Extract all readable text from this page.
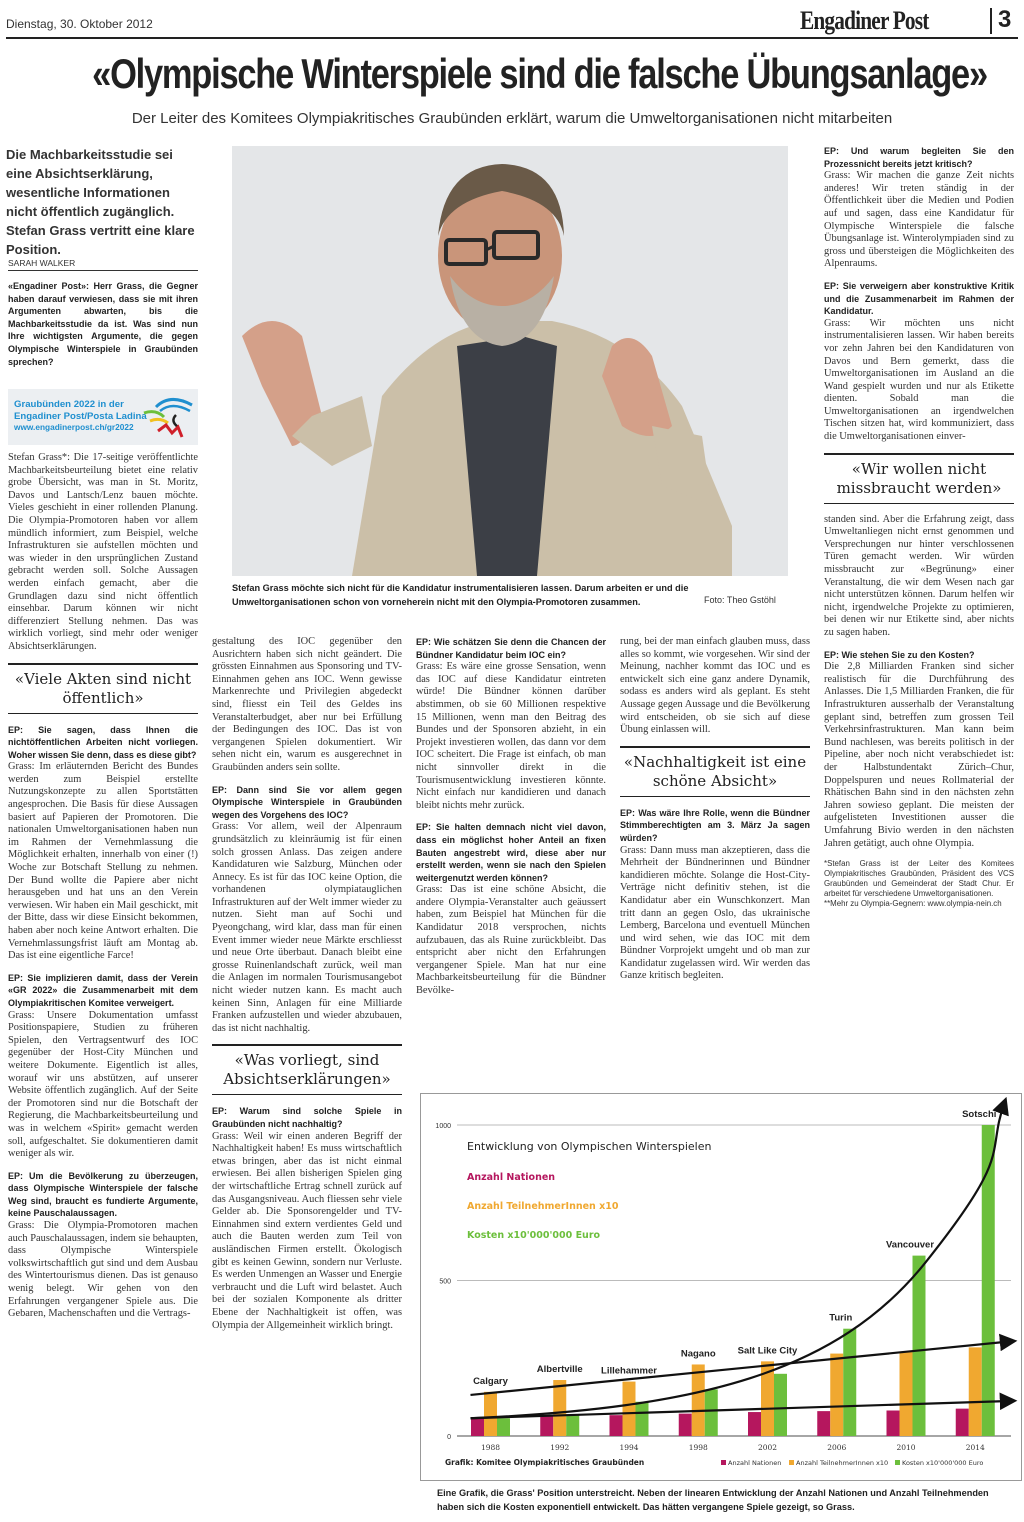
Dienstag, 30. Oktober 2012	Engadiner Post	3
«Olympische Winterspiele sind die falsche Übungsanlage»
Der Leiter des Komitees Olympiakritisches Graubünden erklärt, warum die Umweltorganisationen nicht mitarbeiten
Die Machbarkeitsstudie sei eine Absichtserklärung, wesentliche Informationen nicht öffentlich zugänglich. Stefan Grass vertritt eine klare Position.
SARAH WALKER
«Engadiner Post»: Herr Grass, die Gegner haben darauf verwiesen, dass sie mit ihren Argumenten abwarten, bis die Machbarkeitsstudie da ist. Was sind nun Ihre wichtigsten Argumente, die gegen Olympische Winterspiele in Graubünden sprechen?
Graubünden 2022 in der
Engadiner Post/Posta Ladina
www.engadinerpost.ch/gr2022
Stefan Grass*: Die 17-seitige veröffentlichte Machbarkeitsbeurteilung bietet eine relativ grobe Übersicht, was man in St. Moritz, Davos und Lantsch/Lenz bauen möchte. Vieles geschieht in einer rollenden Planung. Die Olympia-Promotoren haben vor allem mündlich informiert, zum Beispiel, welche Infrastrukturen sie aufstellen möchten und was wieder in den ursprünglichen Zustand gebracht werden soll. Solche Aussagen werden einfach gemacht, aber die Grundlagen dazu sind nicht öffentlich einsehbar. Darum können wir nicht differenziert Stellung nehmen. Das was wirklich vorliegt, sind mehr oder weniger Absichtserklärungen.
«Viele Akten sind nicht öffentlich»
EP: Sie sagen, dass Ihnen die nichtöffentlichen Arbeiten nicht vorliegen. Woher wissen Sie denn, dass es diese gibt?
Grass: Im erläuternden Bericht des Bundes werden zum Beispiel erstellte Nutzungskonzepte zu allen Sportstätten angesprochen. Die Basis für diese Aussagen basiert auf Papieren der Promotoren. Die nationalen Umweltorganisationen haben nun im Rahmen der Vernehmlassung die Möglichkeit erhalten, innerhalb von einer (!) Woche zur Botschaft Stellung zu nehmen. Der Bund wollte die Papiere aber nicht herausgeben und hat uns an den Verein verwiesen. Wir haben ein Mail geschickt, mit der Bitte, dass wir diese Einsicht bekommen, haben aber noch keine Antwort erhalten. Die Vernehmlassungsfrist läuft am Montag ab. Das ist eine eigentliche Farce!
EP: Sie implizieren damit, dass der Verein «GR 2022» die Zusammenarbeit mit dem Olympiakritischen Komitee verweigert.
Grass: Unsere Dokumentation umfasst Positionspapiere, Studien zu früheren Spielen, den Vertragsentwurf des IOC gegenüber der Host-City München und weitere Dokumente. Eigentlich ist alles, worauf wir uns abstützen, auf unserer Website öffentlich zugänglich. Auf der Seite der Promotoren sind nur die Botschaft der Regierung, die Machbarkeitsbeurteilung und was in welchem «Spirit» gemacht werden soll, aufgeschaltet. Sie dokumentieren damit weniger als wir.
EP: Um die Bevölkerung zu überzeugen, dass Olympische Winterspiele der falsche Weg sind, braucht es fundierte Argumente, keine Pauschalaussagen.
Grass: Die Olympia-Promotoren machen auch Pauschalaussagen, indem sie behaupten, dass Olympische Winterspiele volkswirtschaftlich gut sind und dem Ausbau des Wintertourismus dienen. Das ist genauso wenig belegt. Wir gehen von den Erfahrungen vergangener Spiele aus. Die Gebaren, Machenschaften und die Vertrags-
Stefan Grass möchte sich nicht für die Kandidatur instrumentalisieren lassen. Darum arbeiten er und die Umweltorganisationen schon von vorneherein nicht mit den Olympia-Promotoren zusammen.	Foto: Theo Gstöhl
gestaltung des IOC gegenüber den Ausrichtern haben sich nicht geändert. Die grössten Einnahmen aus Sponsoring und TV-Einnahmen gehen ans IOC. Wenn gewisse Markenrechte und Privilegien abgedeckt sind, fliesst ein Teil des Geldes ins Veranstalterbudget, aber nur bei Erfüllung der Bedingungen des IOC. Das ist von vergangenen Spielen dokumentiert. Wir sehen nicht ein, warum es ausgerechnet in Graubünden anders sein sollte.
EP: Dann sind Sie vor allem gegen Olympische Winterspiele in Graubünden wegen des Vorgehens des IOC?
Grass: Vor allem, weil der Alpenraum grundsätzlich zu kleinräumig ist für einen solch grossen Anlass. Das zeigen andere Kandidaturen wie Salzburg, München oder Annecy. Es ist für das IOC keine Option, die vorhandenen olympiatauglichen Infrastrukturen auf der Welt immer wieder zu nutzen. Sieht man auf Sochi und Pyeongchang, wird klar, dass man für einen Event immer wieder neue Märkte erschliesst und neue Orte überbaut. Danach bleibt eine grosse Ruinenlandschaft zurück, weil man die Anlagen im normalen Tourismusangebot nicht wieder nutzen kann. Es macht auch keinen Sinn, Anlagen für eine Milliarde Franken aufzustellen und wieder abzubauen, das ist nicht nachhaltig.
«Was vorliegt, sind Absichtserklärungen»
EP: Warum sind solche Spiele in Graubünden nicht nachhaltig?
Grass: Weil wir einen anderen Begriff der Nachhaltigkeit haben! Es muss wirtschaftlich etwas bringen, aber das ist nicht einmal erwiesen. Bei allen bisherigen Spielen ging der wirtschaftliche Ertrag schnell zurück auf das Ausgangsniveau. Auch fliessen sehr viele Gelder ab. Die Sponsorengelder und TV-Einnahmen sind extern verdientes Geld und auch die Bauten werden zum Teil von ausländischen Firmen erstellt. Ökologisch gibt es keinen Gewinn, sondern nur Verluste. Es werden Unmengen an Wasser und Energie verbraucht und die Luft wird belastet. Auch bei der sozialen Komponente als dritter Ebene der Nachhaltigkeit ist offen, was Olympia der Allgemeinheit wirklich bringt.
EP: Wie schätzen Sie denn die Chancen der Bündner Kandidatur beim IOC ein?
Grass: Es wäre eine grosse Sensation, wenn das IOC auf diese Kandidatur eintreten würde! Die Bündner können darüber abstimmen, ob sie 60 Millionen respektive 15 Millionen, wenn man den Beitrag des Bundes und der Sponsoren abzieht, in ein Projekt investieren wollen, das dann vor dem IOC scheitert. Die Frage ist einfach, ob man nicht sinnvoller direkt in die Tourismusentwicklung investieren könnte. Nicht einfach nur kandidieren und danach bleibt nichts mehr zurück.
EP: Sie halten demnach nicht viel davon, dass ein möglichst hoher Anteil an fixen Bauten angestrebt wird, diese aber nur erstellt werden, wenn sie nach den Spielen weitergenutzt werden können?
Grass: Das ist eine schöne Absicht, die andere Olympia-Veranstalter auch geäussert haben, zum Beispiel hat München für die Kandidatur 2018 versprochen, nichts aufzubauen, das als Ruine zurückbleibt. Das entspricht aber nicht den Erfahrungen vergangener Spiele. Man hat nur eine Machbarkeitsbeurteilung für die Bündner Bevölke-
rung, bei der man einfach glauben muss, dass alles so kommt, wie vorgesehen. Wir sind der Meinung, nachher kommt das IOC und es entwickelt sich eine ganz andere Dynamik, sodass es anders wird als geplant. Es steht Aussage gegen Aussage und die Bevölkerung wird entscheiden, ob sie sich auf diese Übung einlassen will.
«Nachhaltigkeit ist eine schöne Absicht»
EP: Was wäre Ihre Rolle, wenn die Bündner Stimmberechtigten am 3. März Ja sagen würden?
Grass: Dann muss man akzeptieren, dass die Mehrheit der Bündnerinnen und Bündner kandidieren möchte. Solange die Host-City-Verträge nicht definitiv stehen, ist die Kandidatur aber ein Wunschkonzert. Man tritt dann an gegen Oslo, das ukrainische Lemberg, Barcelona und eventuell München und wird sehen, wie das IOC mit dem Bündner Vorprojekt umgeht und ob man zur Kandidatur zugelassen wird. Wir werden das Ganze kritisch begleiten.
EP: Und warum begleiten Sie den Prozessnicht bereits jetzt kritisch?
Grass: Wir machen die ganze Zeit nichts anderes! Wir treten ständig in der Öffentlichkeit über die Medien und Podien auf und sagen, dass eine Kandidatur für Olympische Winterspiele die falsche Übungsanlage ist. Winterolympiaden sind zu gross und übersteigen die Möglichkeiten des Alpenraums.
EP: Sie verweigern aber konstruktive Kritik und die Zusammenarbeit im Rahmen der Kandidatur.
Grass: Wir möchten uns nicht instrumentalisieren lassen. Wir haben bereits vor zehn Jahren bei den Kandidaturen von Davos und Bern gemerkt, dass die Umweltorganisationen im Ausland an die Wand gespielt wurden und nur als Etikette dienten. Sobald man die Umweltorganisationen an irgendwelchen Tischen sitzen hat, wird kommuniziert, dass die Umweltorganisationen einver-
«Wir wollen nicht missbraucht werden»
standen sind. Aber die Erfahrung zeigt, dass Umweltanliegen nicht ernst genommen und Versprechungen nur hinter verschlossenen Türen gemacht werden. Wir würden missbraucht zur «Begrünung» einer Veranstaltung, die wir dem Wesen nach gar nicht unterstützen können. Darum helfen wir nicht, irgendwelche Projekte zu optimieren, bei denen wir nur Etikette sind, aber nichts zu sagen haben.
EP: Wie stehen Sie zu den Kosten?
Die 2,8 Milliarden Franken sind sicher realistisch für die Durchführung des Anlasses. Die 1,5 Milliarden Franken, die für Infrastrukturen ausserhalb der Veranstaltung geplant sind, betreffen zum grossen Teil Verkehrsinfrastrukturen. Man kann beim Bund nachlesen, was bereits politisch in der Pipeline, aber noch nicht verabschiedet ist: der Halbstundentakt Zürich–Chur, Doppelspuren und neues Rollmaterial der Rhätischen Bahn sind in den nächsten zehn Jahren sowieso geplant. Die meisten der aufgelisteten Investitionen ausser die Umfahrung Bivio werden in den nächsten Jahren getätigt, auch ohne Olympia.
*Stefan Grass ist der Leiter des Komitees Olympiakritisches Graubünden, Präsident des VCS Graubünden und Gemeinderat der Stadt Chur. Er arbeitet für verschiedene Umweltorganisationen.
**Mehr zu Olympia-Gegnern: www.olympia-nein.ch
0
500
1000
1988	1992	1994	1998	2002	2006	2010	2014
Calgary
Albertville Lillehammer
Nagano Salt Like City
Turin
Vancouver
Sotschi
Entwicklung von Olympischen Winterspielen
Anzahl Nationen
Anzahl TeilnehmerInnen x10
Kosten x10'000'000 Euro
Anzahl Nationen Anzahl TeilnehmerInnen x10 Kosten x10'000'000 Euro
Grafik: Komitee Olympiakritisches Graubünden
Eine Grafik, die Grass' Position unterstreicht. Neben der linearen Entwicklung der Anzahl Nationen und Anzahl Teilnehmenden haben sich die Kosten exponentiell entwickelt. Das hätten vergangene Spiele gezeigt, so Grass.
